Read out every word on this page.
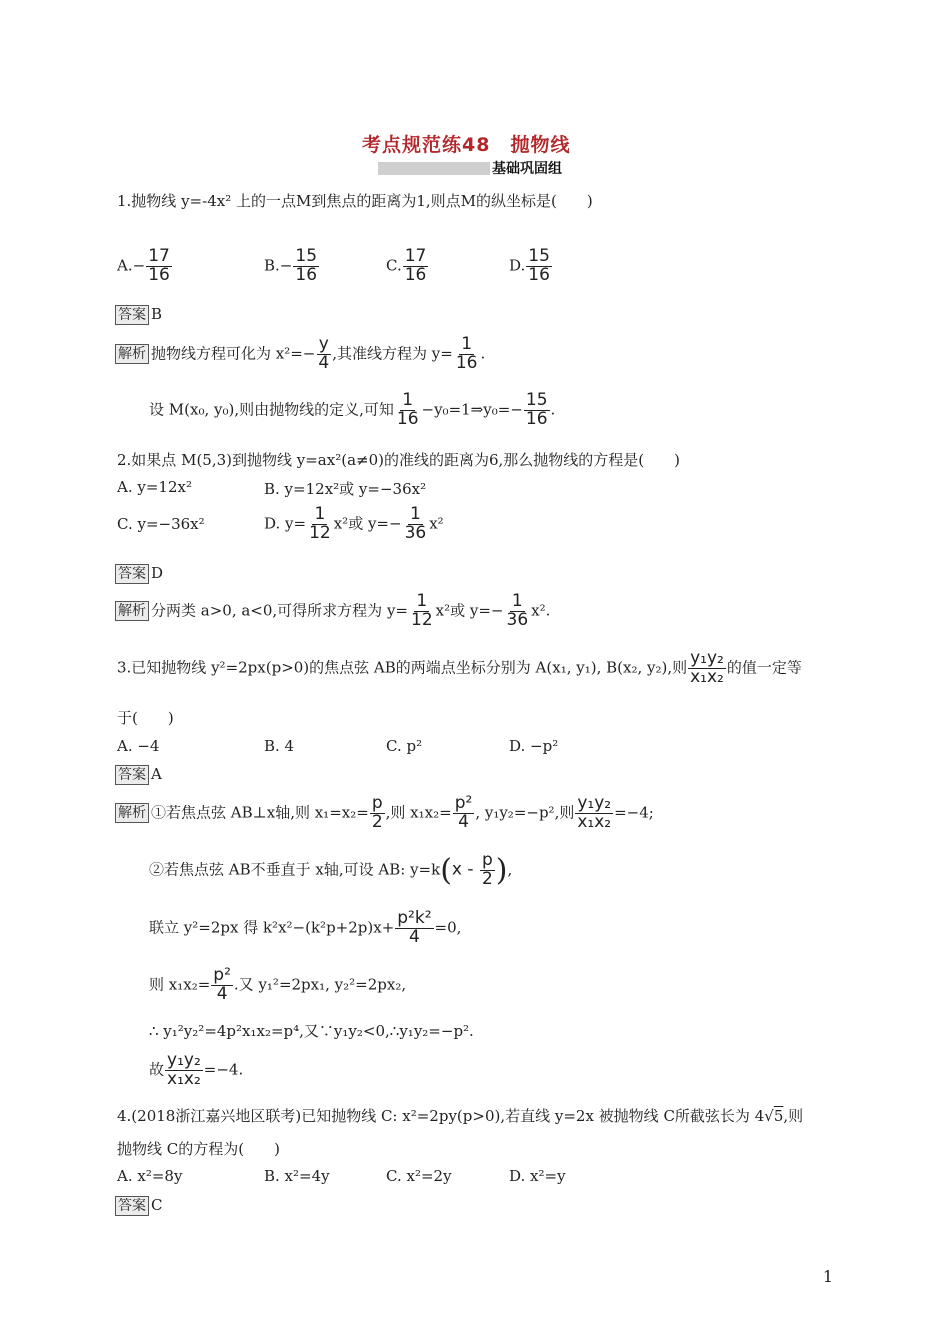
考点规范练48　抛物线
基础巩固组
1.抛物线 y=-4x² 上的一点M到焦点的距离为1,则点M的纵坐标是(　　)
$A.- \frac{17}{16}$	$B.- \frac{15}{16}$	C. $\frac{17}{16}$	D. $\frac{15}{16}$
答案 B
解析 抛物线方程可化为 $x^2=- \frac{y}{4}$ ,其准线方程为 $y= \frac{1}{16}$ .
设 M(x₀, y₀),则由抛物线的定义,可知 $\frac{1}{16}$ −y₀=1⇒y₀=− $\frac{15}{16}$ .
2.如果点 M(5,3)到抛物线 y=ax²(a≠0)的准线的距离为6,那么抛物线的方程是(　　)
A. y=12x²	B. y=12x²或 y=−36x²
C. y=−36x²	D. $y= \frac{1}{12} x^2$或 $y=- \frac{1}{36} x^2$
答案 D
解析 分两类 a>0, a<0,可得所求方程为 $y= \frac{1}{12} x^2$或 $y=- \frac{1}{36} x^2$.
3.已知抛物线 y²=2px(p>0)的焦点弦 AB的两端点坐标分别为 A(x₁, y₁), B(x₂, y₂),则 $\frac{\text{y₁y₂}}{\text{x₁x₂}}$ 的值一定等
于(　　)
A. −4	B. 4	C. p²	D. −p²
答案 A
解析 ①若焦点弦 AB⊥x轴,则 $x_1=x_2= \frac{p}{2}$ ,则 $x_1x_2= \frac{\text{p²}}{4}$ , y₁y₂=−p²,则 $\frac{\text{y₁y₂}}{\text{x₁x₂}} =-4$;
②若焦点弦 AB不垂直于 x轴,可设 AB: $y=k(x - \frac{p}{2}$ ),
联立 y²=2px 得 $k^2x^2-(k^2p+2p)x+ \frac{\text{p²k²}}{4} =0$,
则 $x_1x_2= \frac{\text{p²}}{4}$ .又 y₁²=2px₁, y₂²=2px₂,
∴ y₁²y₂²=4p²x₁x₂=p⁴,又∵y₁y₂<0,∴y₁y₂=−p².
故 $\frac{\text{y₁y₂}}{\text{x₁x₂}} =-4$.
4.(2018浙江嘉兴地区联考)已知抛物线 C: x²=2py(p>0),若直线 y=2x 被抛物线 C所截弦长为 4√5,则
抛物线 C的方程为(　　)
A. x²=8y	B. x²=4y	C. x²=2y	D. x²=y
答案 C
1
